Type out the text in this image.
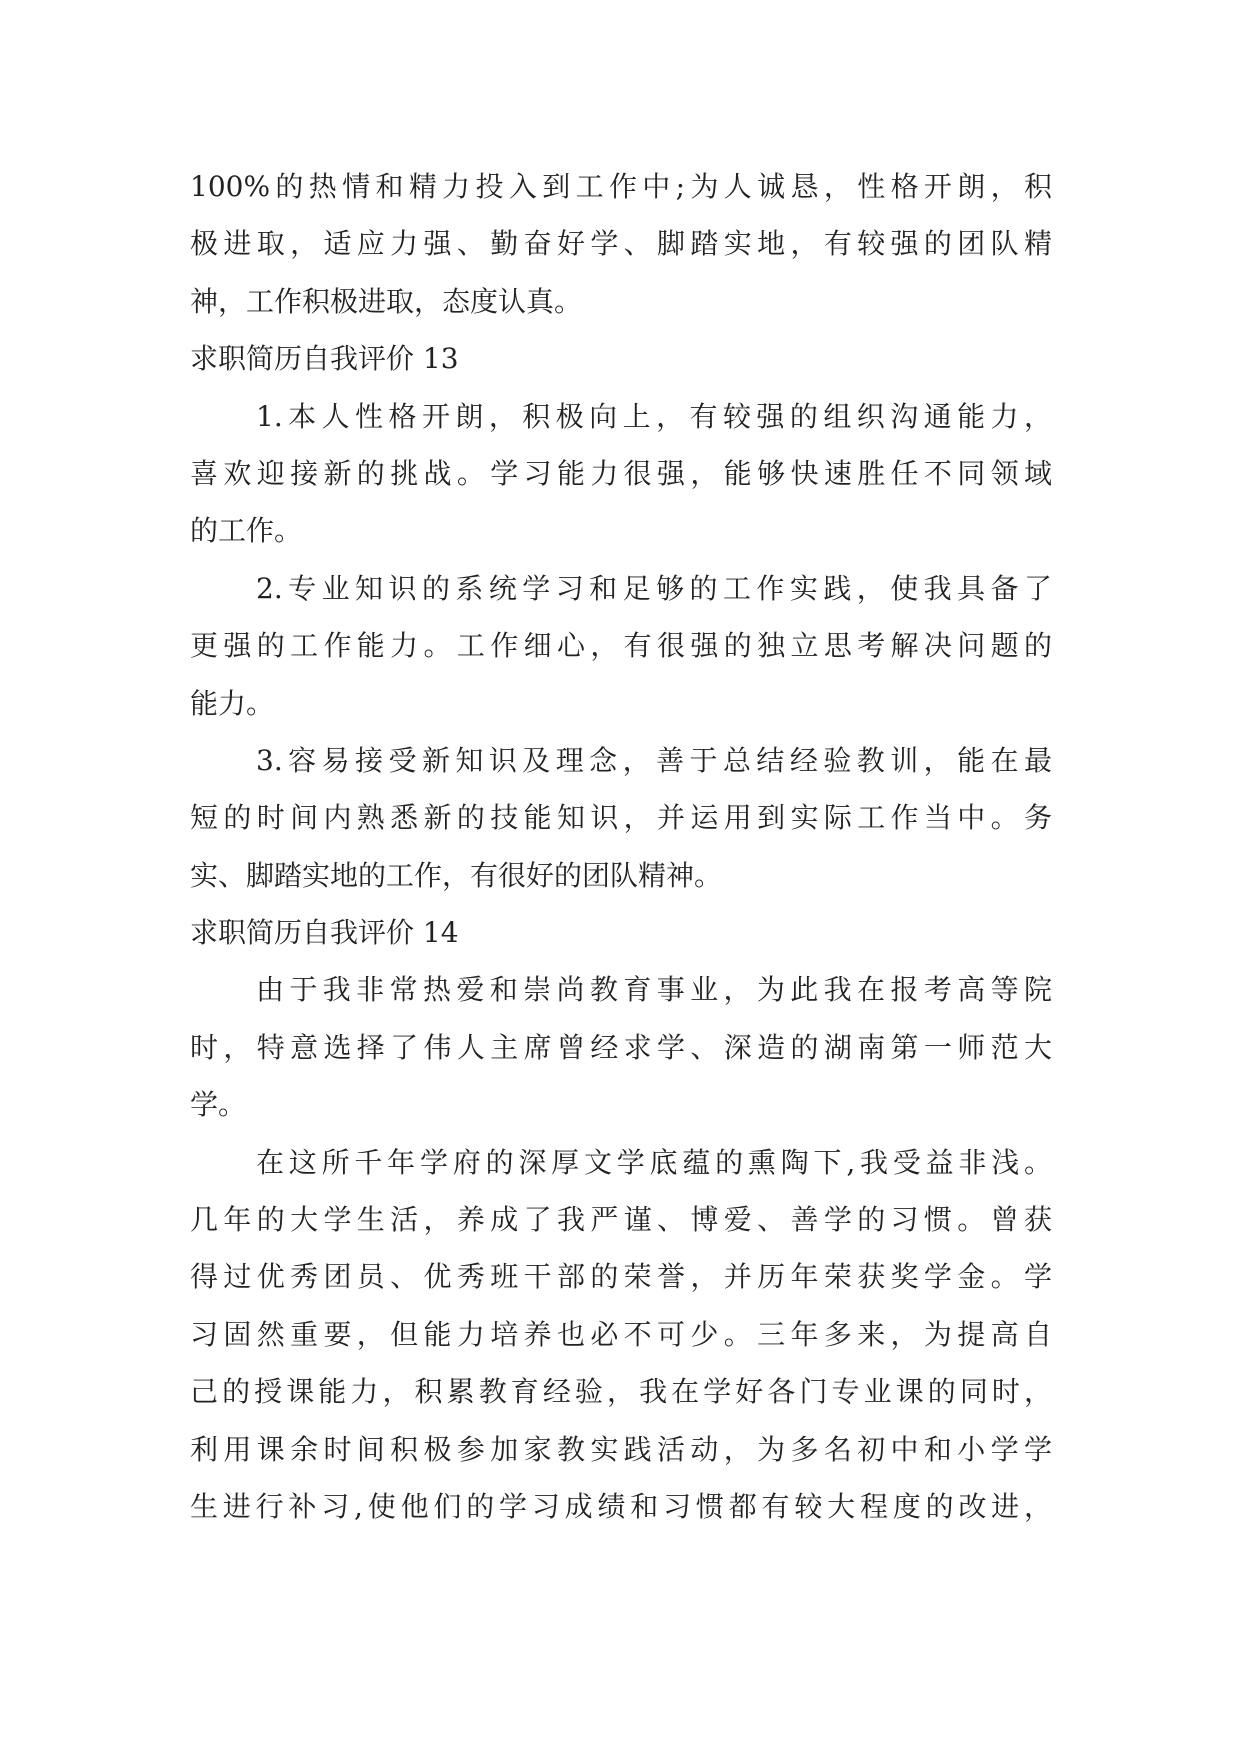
100%的热情和精力投入到工作中;为人诚恳，性格开朗，积
极进取，适应力强、勤奋好学、脚踏实地，有较强的团队精
神，工作积极进取，态度认真。
求职简历自我评价 13
1.本人性格开朗，积极向上，有较强的组织沟通能力，
喜欢迎接新的挑战。学习能力很强，能够快速胜任不同领域
的工作。
2.专业知识的系统学习和足够的工作实践，使我具备了
更强的工作能力。工作细心，有很强的独立思考解决问题的
能力。
3.容易接受新知识及理念，善于总结经验教训，能在最
短的时间内熟悉新的技能知识，并运用到实际工作当中。务
实、脚踏实地的工作，有很好的团队精神。
求职简历自我评价 14
由于我非常热爱和崇尚教育事业，为此我在报考高等院
时，特意选择了伟人主席曾经求学、深造的湖南第一师范大
学。
在这所千年学府的深厚文学底蕴的熏陶下,我受益非浅。
几年的大学生活，养成了我严谨、博爱、善学的习惯。曾获
得过优秀团员、优秀班干部的荣誉，并历年荣获奖学金。学
习固然重要，但能力培养也必不可少。三年多来，为提高自
己的授课能力，积累教育经验，我在学好各门专业课的同时，
利用课余时间积极参加家教实践活动，为多名初中和小学学
生进行补习,使他们的学习成绩和习惯都有较大程度的改进，
